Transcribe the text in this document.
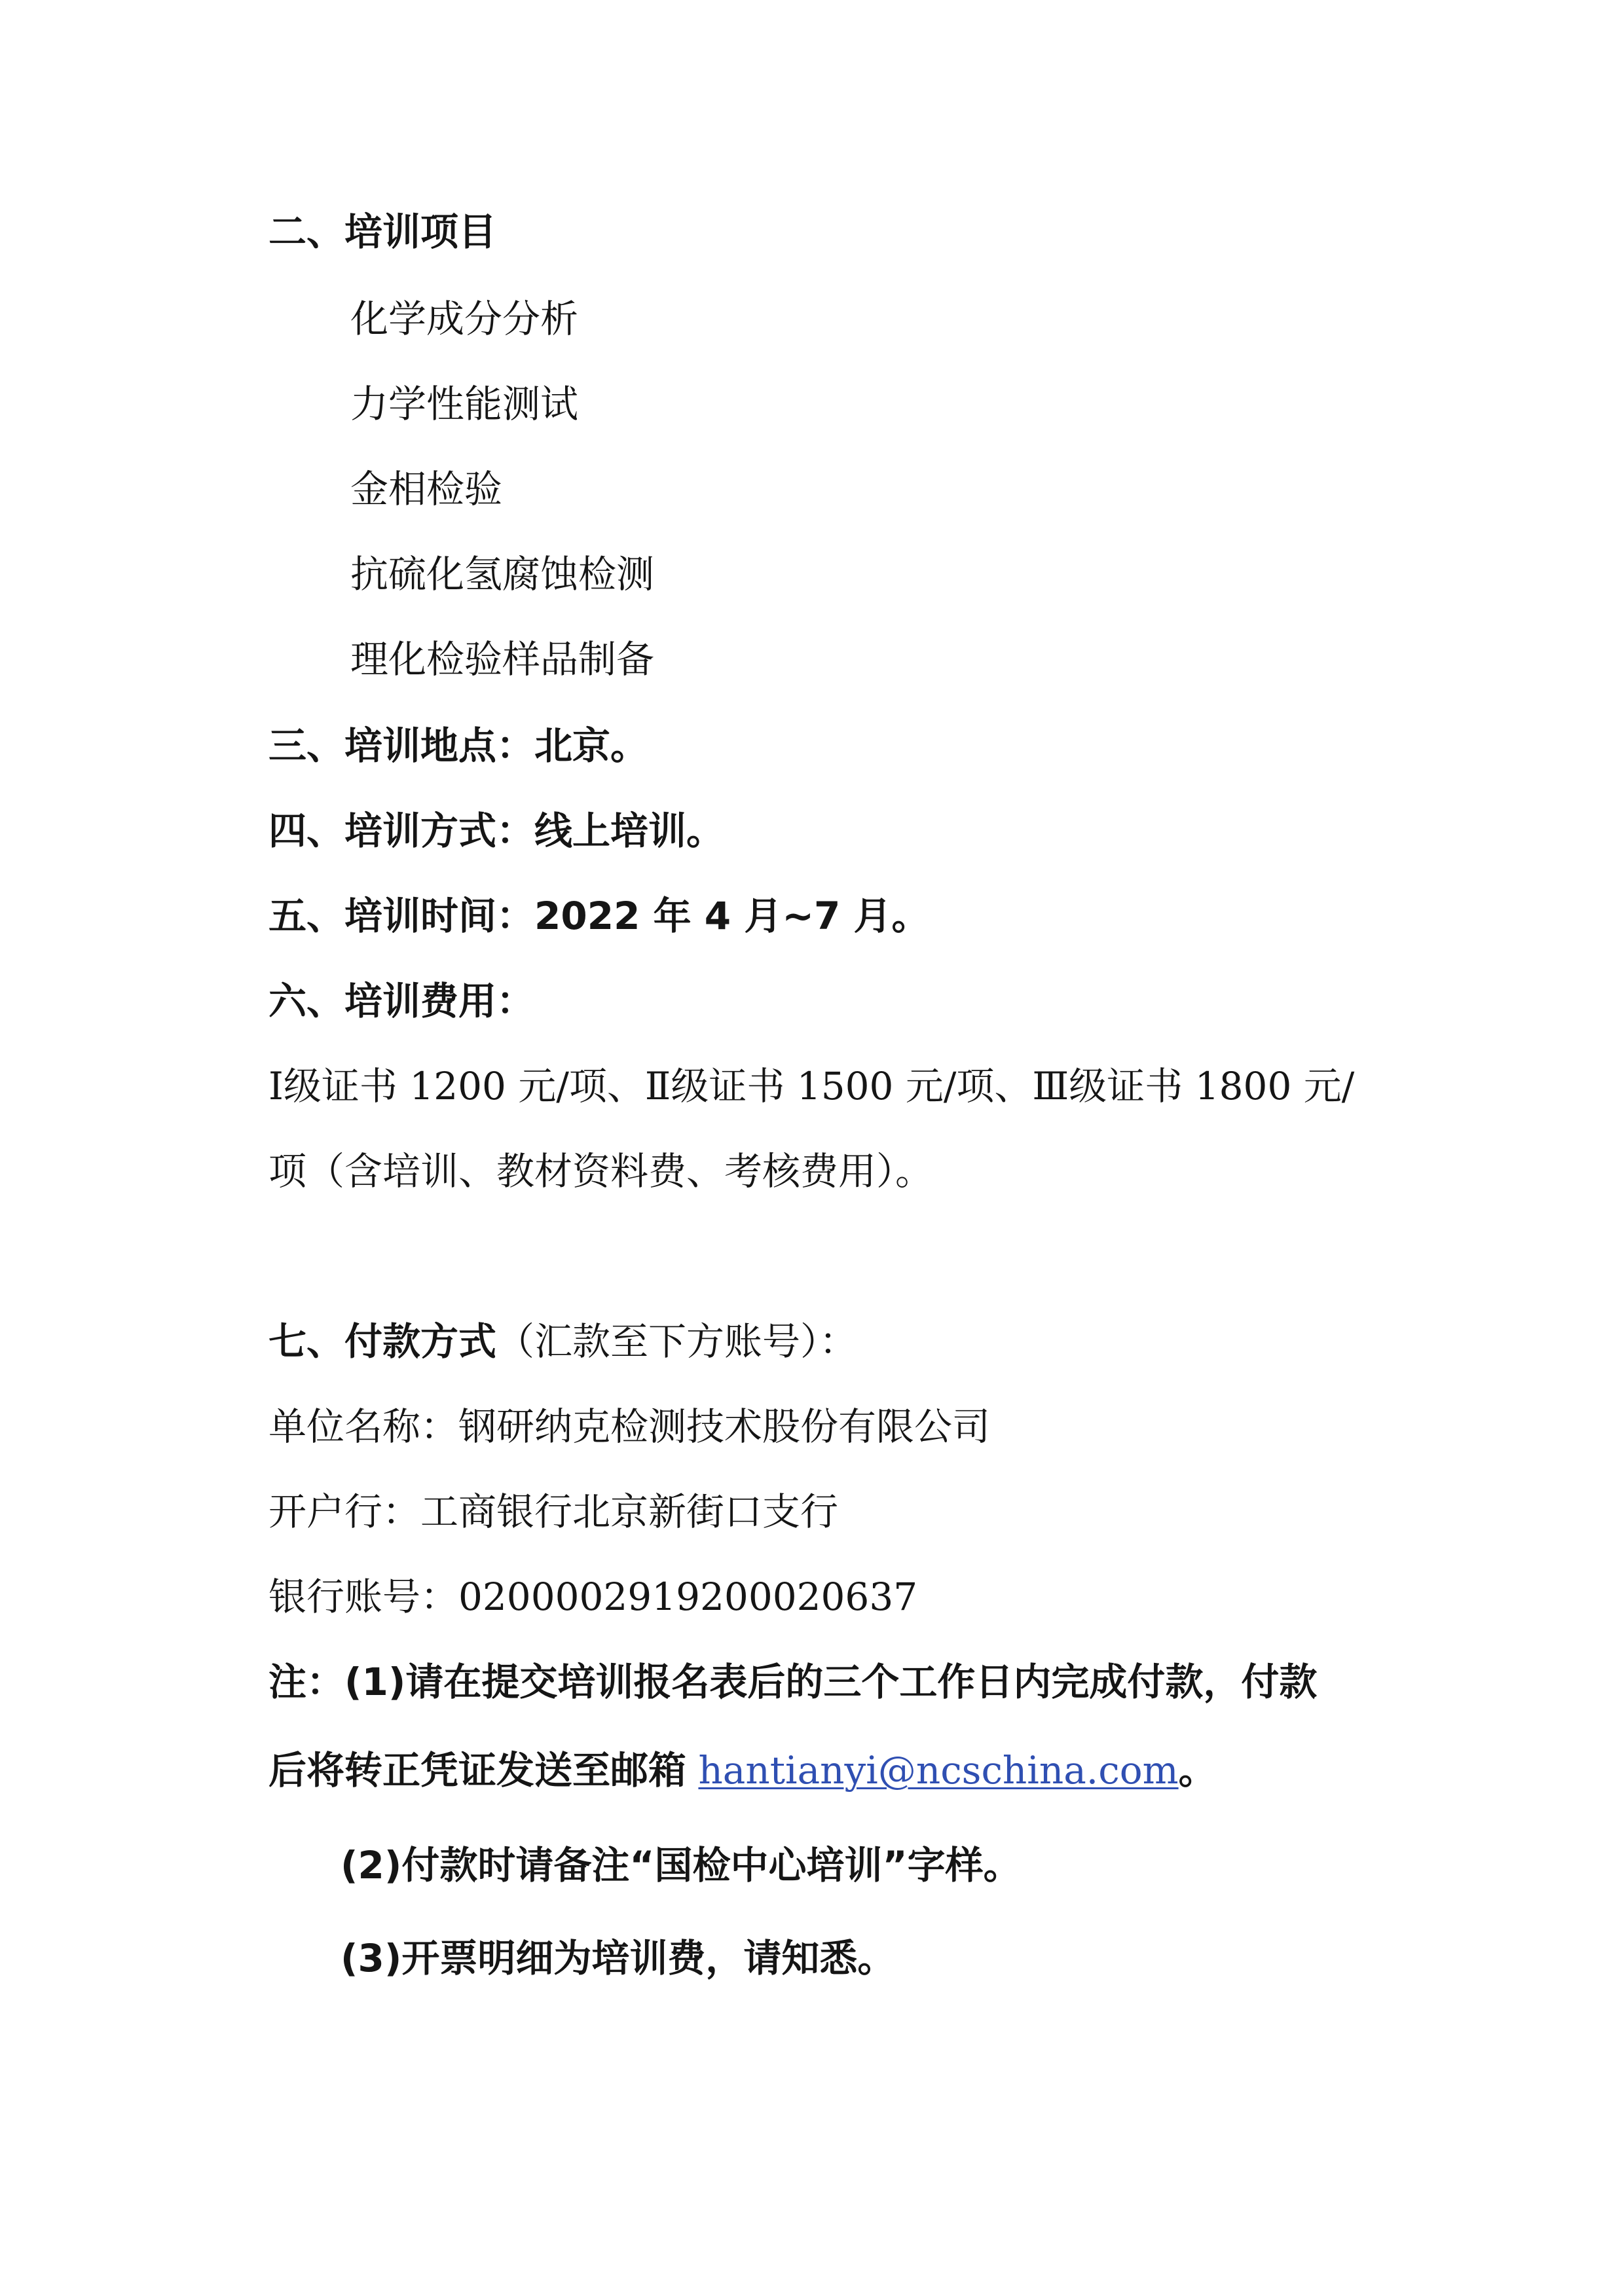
二、培训项目
化学成分分析
力学性能测试
金相检验
抗硫化氢腐蚀检测
理化检验样品制备
三、培训地点：北京。
四、培训方式：线上培训。
五、培训时间：2022 年 4 月~7 月。
六、培训费用：
Ⅰ级证书 1200 元/项、Ⅱ级证书 1500 元/项、Ⅲ级证书 1800 元/
项（含培训、教材资料费、考核费用）。
七、付款方式（汇款至下方账号）：
单位名称：钢研纳克检测技术股份有限公司
开户行：工商银行北京新街口支行
银行账号：0200002919200020637
注：(1)请在提交培训报名表后的三个工作日内完成付款，付款
后将转正凭证发送至邮箱 hantianyi@ncschina.com。
(2)付款时请备注“国检中心培训”字样。
(3)开票明细为培训费，请知悉。
